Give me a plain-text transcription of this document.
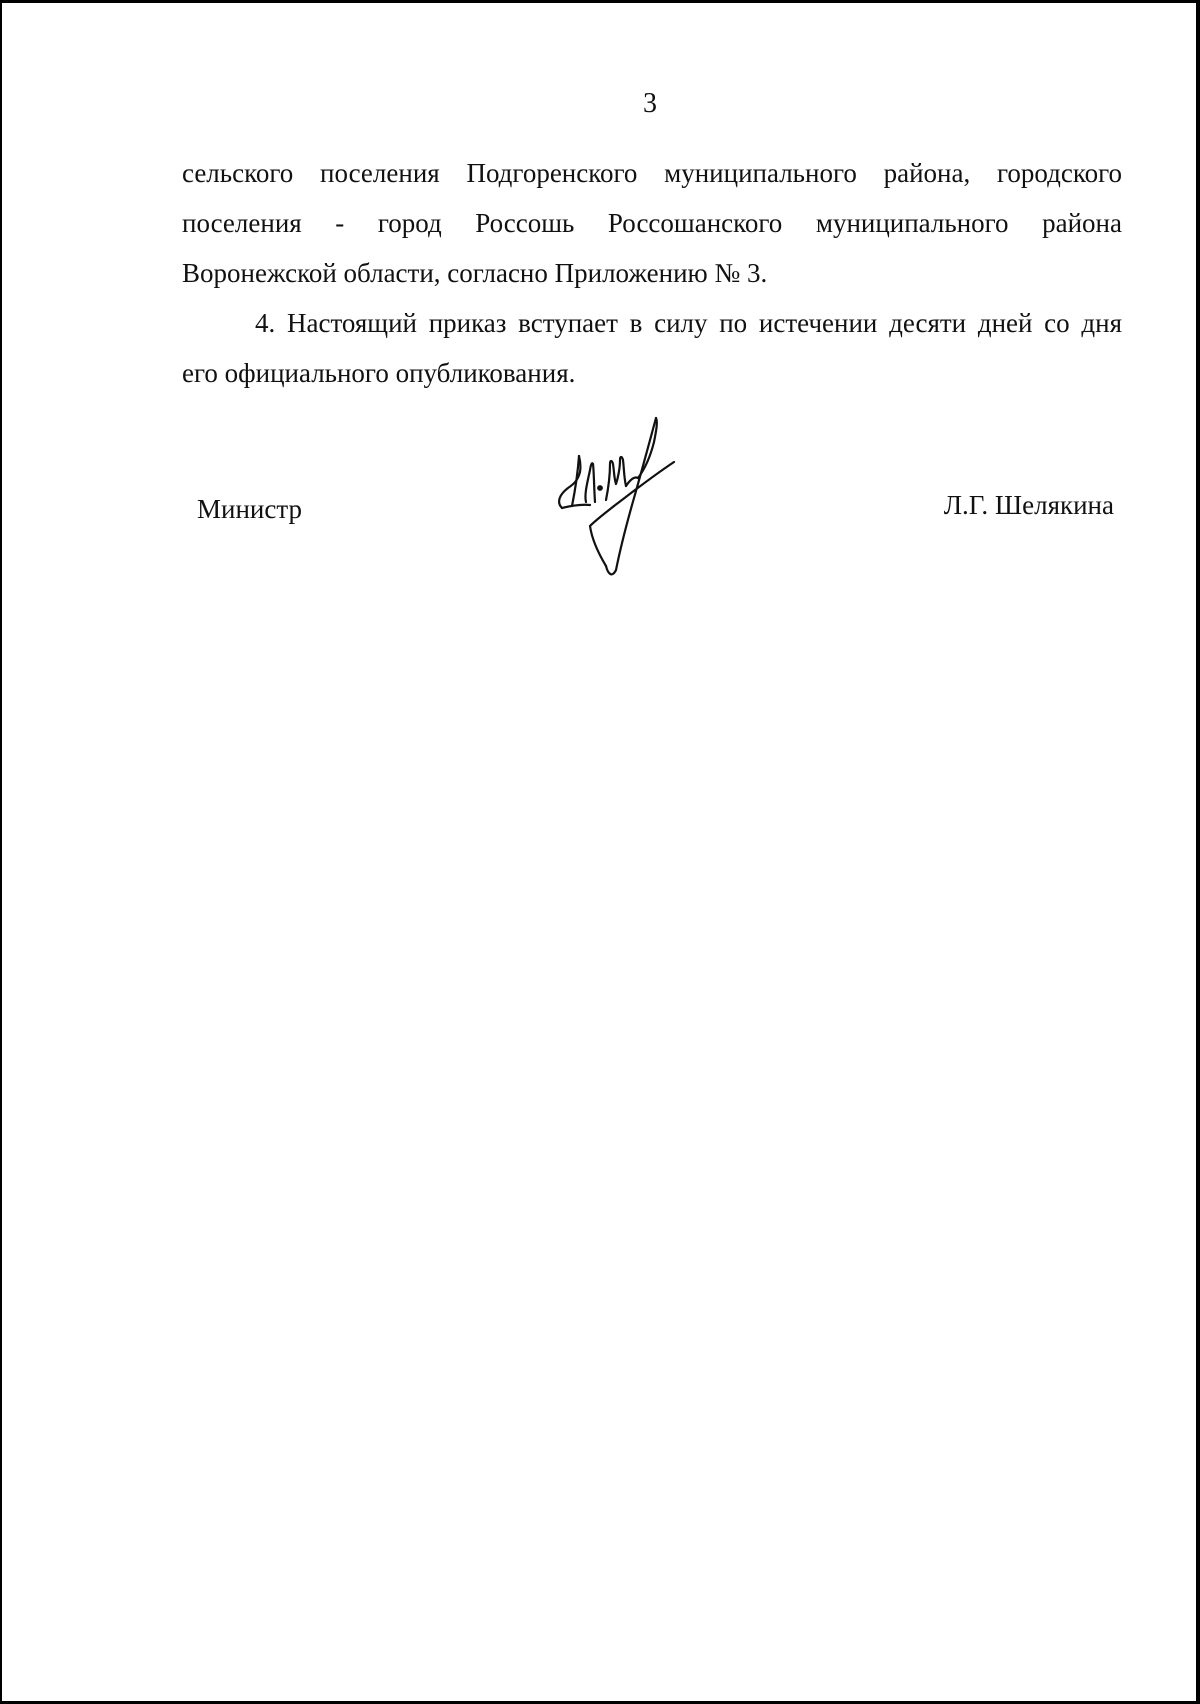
3
сельского поселения Подгоренского муниципального района, городского
поселения - город Россошь Россошанского муниципального района
Воронежской области, согласно Приложению № 3.
4. Настоящий приказ вступает в силу по истечении десяти дней со дня
его официального опубликования.
Министр	Л.Г. Шелякина
